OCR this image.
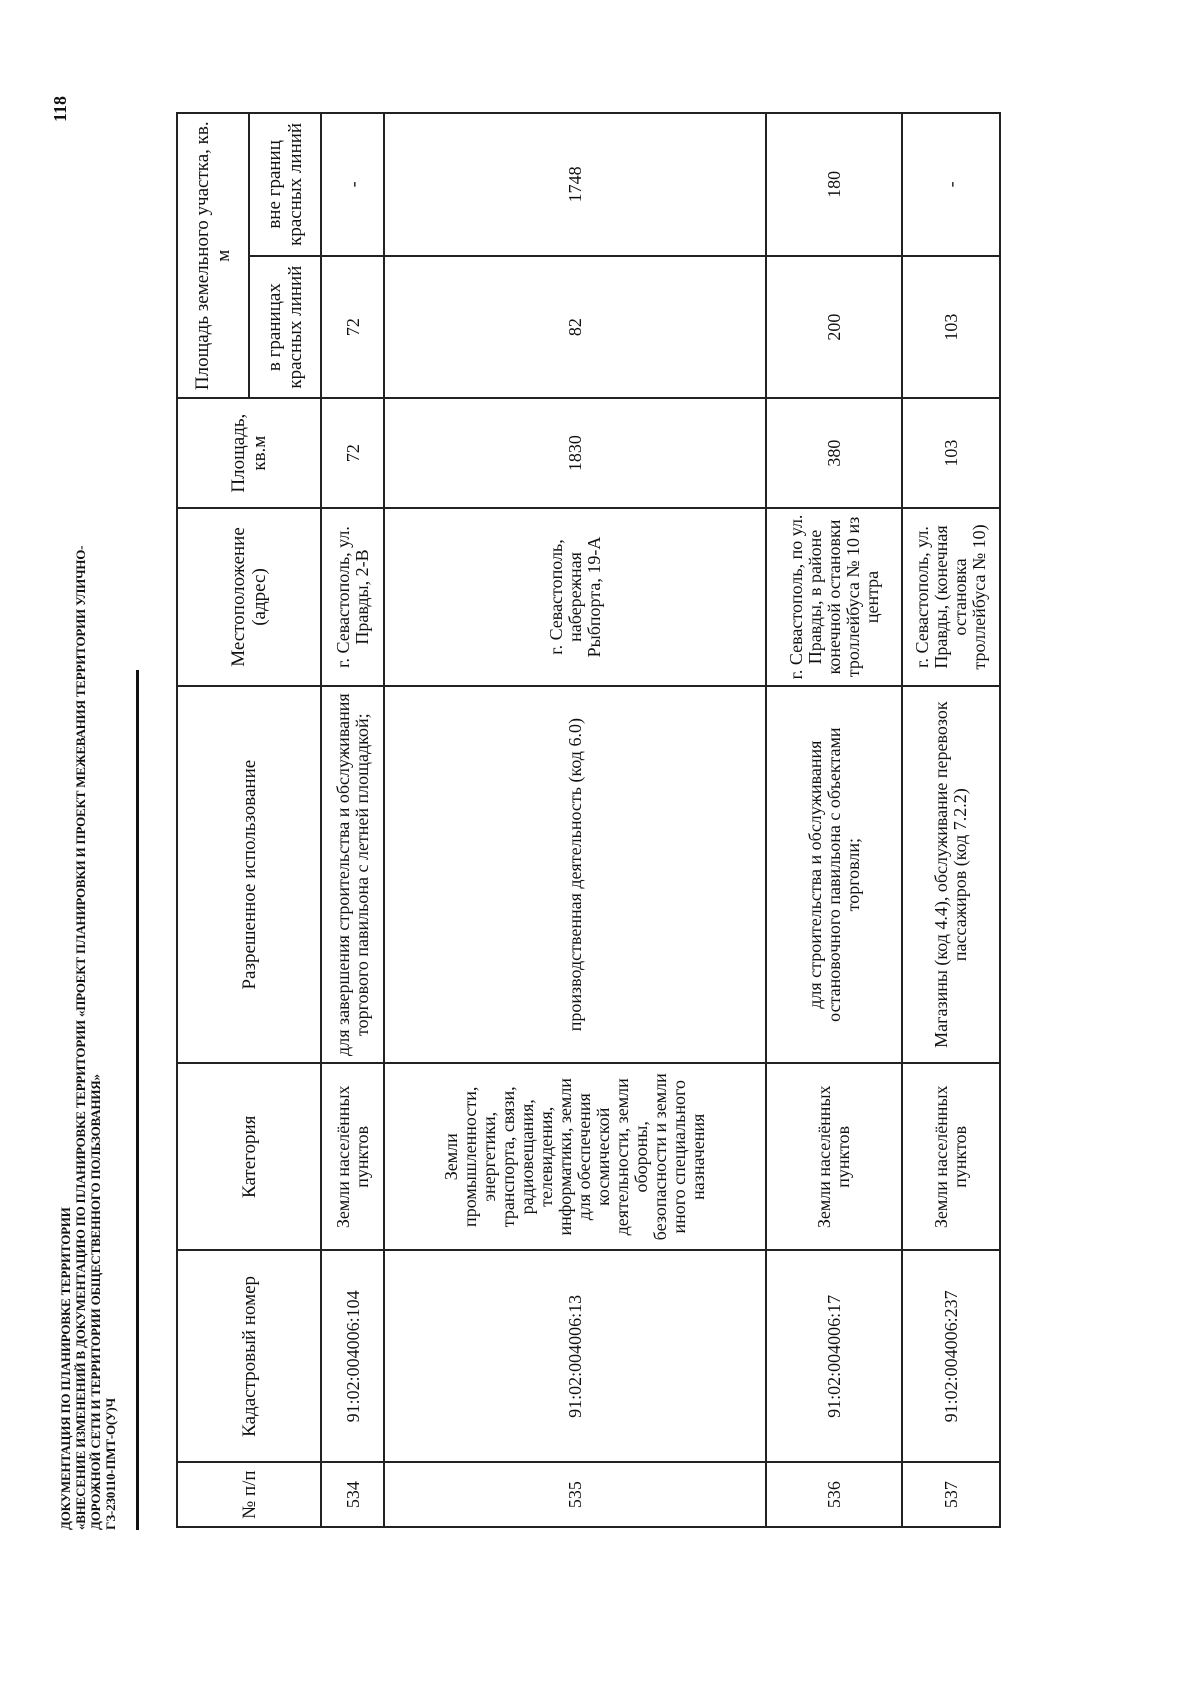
ДОКУМЕНТАЦИЯ ПО ПЛАНИРОВКЕ ТЕРРИТОРИИ «ВНЕСЕНИЕ ИЗМЕНЕНИЙ В ДОКУМЕНТАЦИЮ ПО ПЛАНИРОВКЕ ТЕРРИТОРИИ «ПРОЕКТ ПЛАНИРОВКИ И ПРОЕКТ МЕЖЕВАНИЯ ТЕРРИТОРИИ УЛИЧНО- ДОРОЖНОЙ СЕТИ И ТЕРРИТОРИИ ОБЩЕСТВЕННОГО ПОЛЬЗОВАНИЯ» ГЗ-230110-ПМТ-О(У)Ч
118
№ п/п	Кадастровый номер	Категория	Разрешенное использование	Местоположение (адрес)	Площадь, кв.м	Площадь земельного участка, кв. м	
						в границах красных линий	вне границ красных линий
534	91:02:004006:104	Земли населённых пунктов	для завершения строительства и обслуживания торгового павильона с летней площадкой;	г. Севастополь, ул. Правды, 2-В	72	72	-
535	91:02:004006:13	Земли промышленности, энергетики, транспорта, связи, радиовещания, телевидения, информатики, земли для обеспечения космической деятельности, земли обороны, безопасности и земли иного специального назначения	производственная деятельность (код 6.0)	г. Севастополь, набережная Рыбпорта, 19-А	1830	82	1748
536	91:02:004006:17	Земли населённых пунктов	для строительства и обслуживания остановочного павильона с объектами торговли;	г. Севастополь, по ул. Правды, в районе конечной остановки троллейбуса № 10 из центра	380	200	180
537	91:02:004006:237	Земли населённых пунктов	Магазины (код 4.4), обслуживание перевозок пассажиров (код 7.2.2)	г. Севастополь, ул. Правды, (конечная остановка троллейбуса № 10)	103	103	-
